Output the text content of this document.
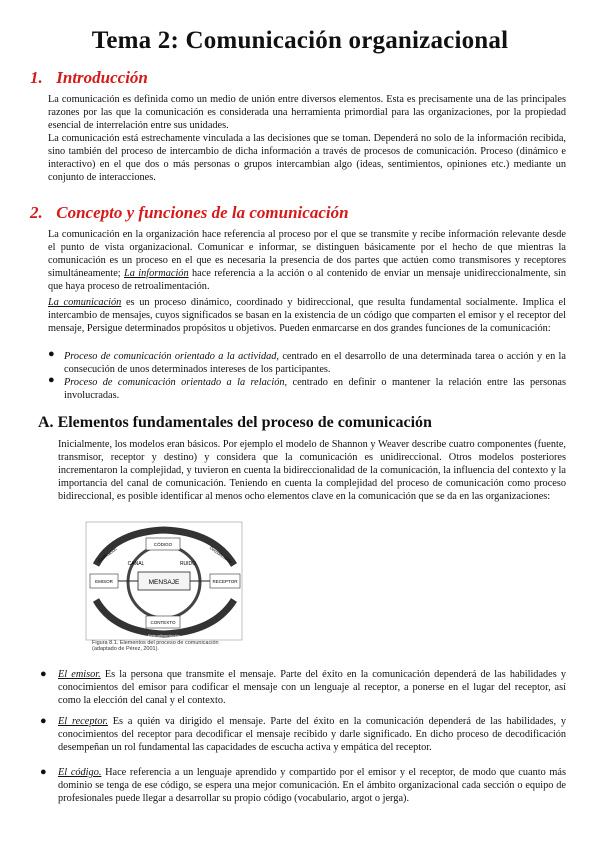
Tema 2: Comunicación organizacional
1. Introducción

La comunicación es definida como un medio de unión entre diversos elementos. Esta es precisamente una de las principales razones por las que la comunicación es considerada una herramienta primordial para las organizaciones, por la propiedad esencial de interrelación entre sus unidades.

La comunicación está estrechamente vinculada a las decisiones que se toman. Dependerá no solo de la información recibida, sino también del proceso de intercambio de dicha información a través de procesos de comunicación. Proceso (dinámico e interactivo) en el que dos o más personas o grupos intercambian algo (ideas, sentimientos, opiniones etc.) mediante un conjunto de interacciones.

2. Concepto y funciones de la comunicación

La comunicación en la organización hace referencia al proceso por el que se transmite y recibe información relevante desde el punto de vista organizacional. Comunicar e informar, se distinguen básicamente por el hecho de que mientras la comunicación es un proceso en el que es necesaria la presencia de dos partes que actúen como transmisores y receptores simultáneamente; La información hace referencia a la acción o al contenido de enviar un mensaje unidireccionalmente, sin que haya proceso de retroalimentación.

La comunicación es un proceso dinámico, coordinado y bidireccional, que resulta fundamental socialmente. Implica el intercambio de mensajes, cuyos significados se basan en la existencia de un código que comparten el emisor y el receptor del mensaje, Persigue determinados propósitos u objetivos. Pueden enmarcarse en dos grandes funciones de la comunicación:

● Proceso de comunicación orientado a la actividad, centrado en el desarrollo de una determinada tarea o acción y en la consecución de unos determinados intereses de los participantes.

● Proceso de comunicación orientado a la relación, centrado en definir o mantener la relación entre las personas involucradas.

A. Elementos fundamentales del proceso de comunicación

Inicialmente, los modelos eran básicos. Por ejemplo el modelo de Shannon y Weaver describe cuatro componentes (fuente, transmisor, receptor y destino) y considera que la comunicación es unidireccional. Otros modelos posteriores incrementaron la complejidad, y tuvieron en cuenta la bidireccionalidad de la comunicación, la influencia del contexto y la importancia del canal de comunicación. Teniendo en cuenta la complejidad del proceso de comunicación como proceso bidireccional, es posible identificar al menos ocho elementos clave en la comunicación que se da en las organizaciones:

MENSAJE
CÓDIGO
CANAL	RUIDO
EMISOR	RECEPTOR
CONTEXTO
Codificación	Decodificación
Retroalimentación
Figura 8.1. Elementos del proceso de comunicación (adaptado de Pérez, 2001).
● El emisor. Es la persona que transmite el mensaje. Parte del éxito en la comunicación dependerá de las habilidades y conocimientos del emisor para codificar el mensaje con un lenguaje al receptor, a ponerse en el lugar del receptor, así como la elección del canal y el contexto.

● El receptor. Es a quién va dirigido el mensaje. Parte del éxito en la comunicación dependerá de las habilidades, y conocimientos del receptor para decodificar el mensaje recibido y darle significado. En dicho proceso de decodificación desempeñan un rol fundamental las capacidades de escucha activa y empática del receptor.

● El código. Hace referencia a un lenguaje aprendido y compartido por el emisor y el receptor, de modo que cuanto más dominio se tenga de ese código, se espera una mejor comunicación. En el ámbito organizacional cada sección o equipo de profesionales puede llegar a desarrollar su propio código (vocabulario, argot o jerga).
